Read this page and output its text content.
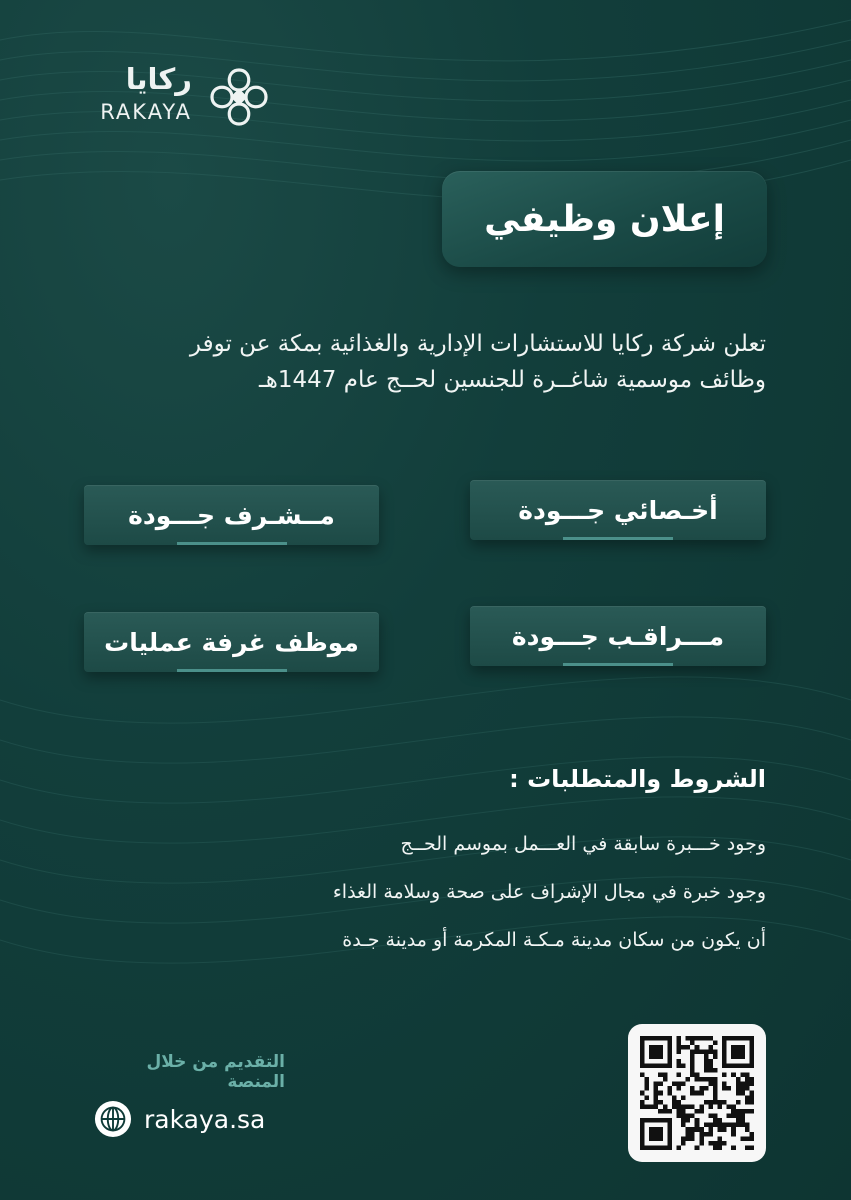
ركايا
RAKAYA
إعلان وظيفي
تعلن شركة ركايا للاستشارات الإدارية والغذائية بمكة عن توفر
وظائف موسمية شاغــرة للجنسين لحــج عام 1447هـ
أخـصائي جـــودة
مــشـرف جـــودة
مـــراقـب جـــودة
موظف غرفة عمليات
الشروط والمتطلبات :
وجود خـــبرة سابقة في العـــمل بموسم الحــج
وجود خبرة في مجال الإشراف على صحة وسلامة الغذاء
أن يكون من سكان مدينة مـكـة المكرمة أو مدينة جـدة
التقديم من خلال المنصة
rakaya.sa
